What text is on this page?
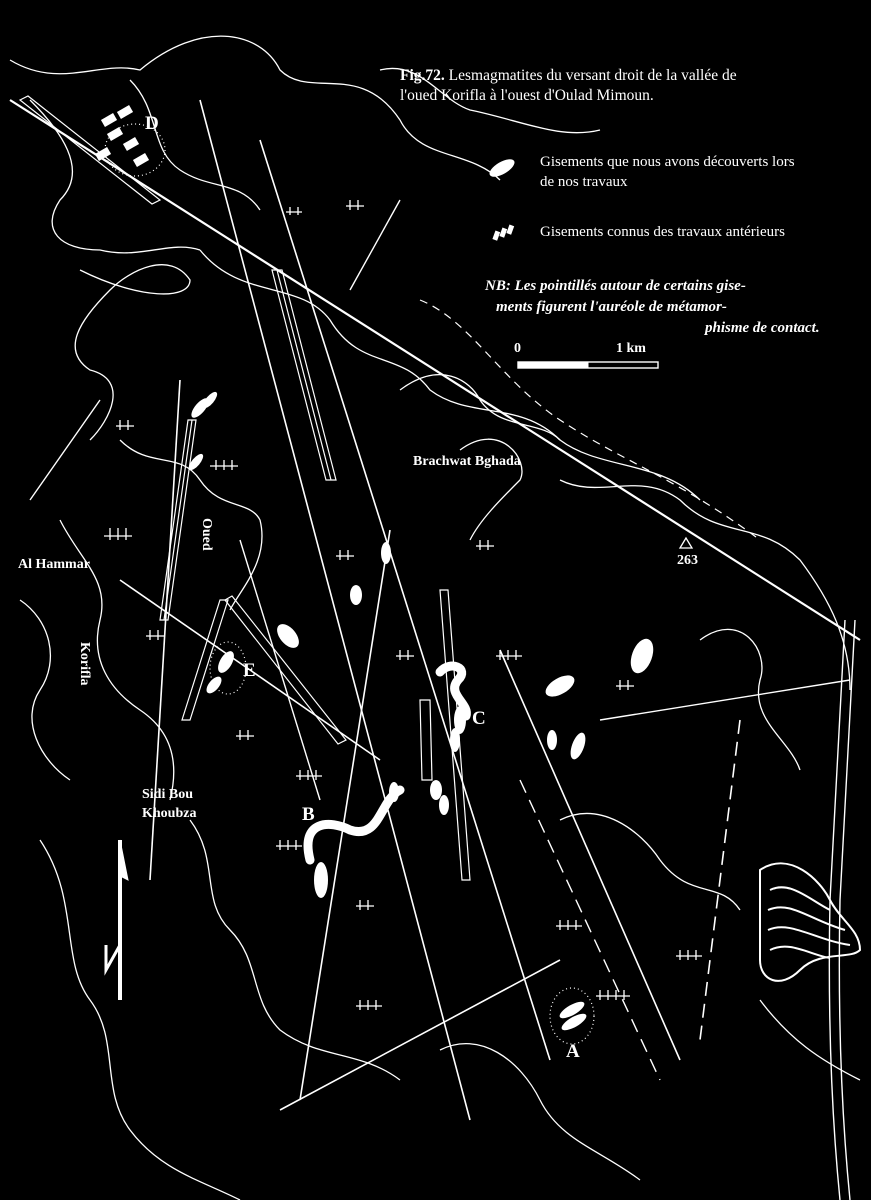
Fig.72. Lesmagmatites du versant droit de la vallée de
l'oued Korifla à l'ouest d'Oulad Mimoun.
Gisements que nous avons découverts lors de nos travaux
Gisements connus des travaux antérieurs
NB: Les pointillés autour de certains gise-
ments figurent l'auréole de métamor-
phisme de contact.
0	1 km
Brachwat Bghada
263
Al Hammar
Oued
Korifla
Sidi Bou
Khoubza
D
E
C
B
A
